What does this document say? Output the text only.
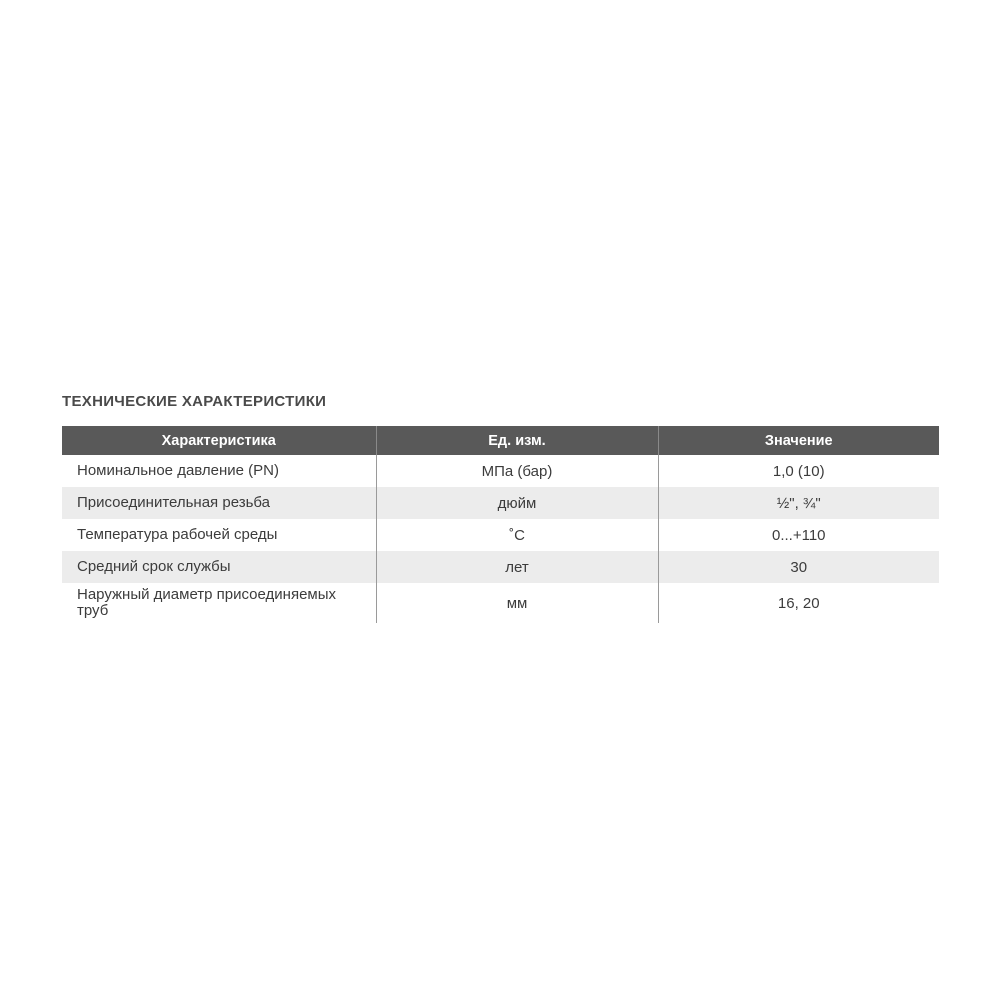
ТЕХНИЧЕСКИЕ ХАРАКТЕРИСТИКИ
Характеристика	Ед. изм.	Значение
Номинальное давление (PN)	МПа (бар)	1,0 (10)
Присоединительная резьба	дюйм	½", ¾"
Температура рабочей среды	˚С	0...+110
Средний срок службы	лет	30
Наружный диаметр присоединяемых труб	мм	16, 20
